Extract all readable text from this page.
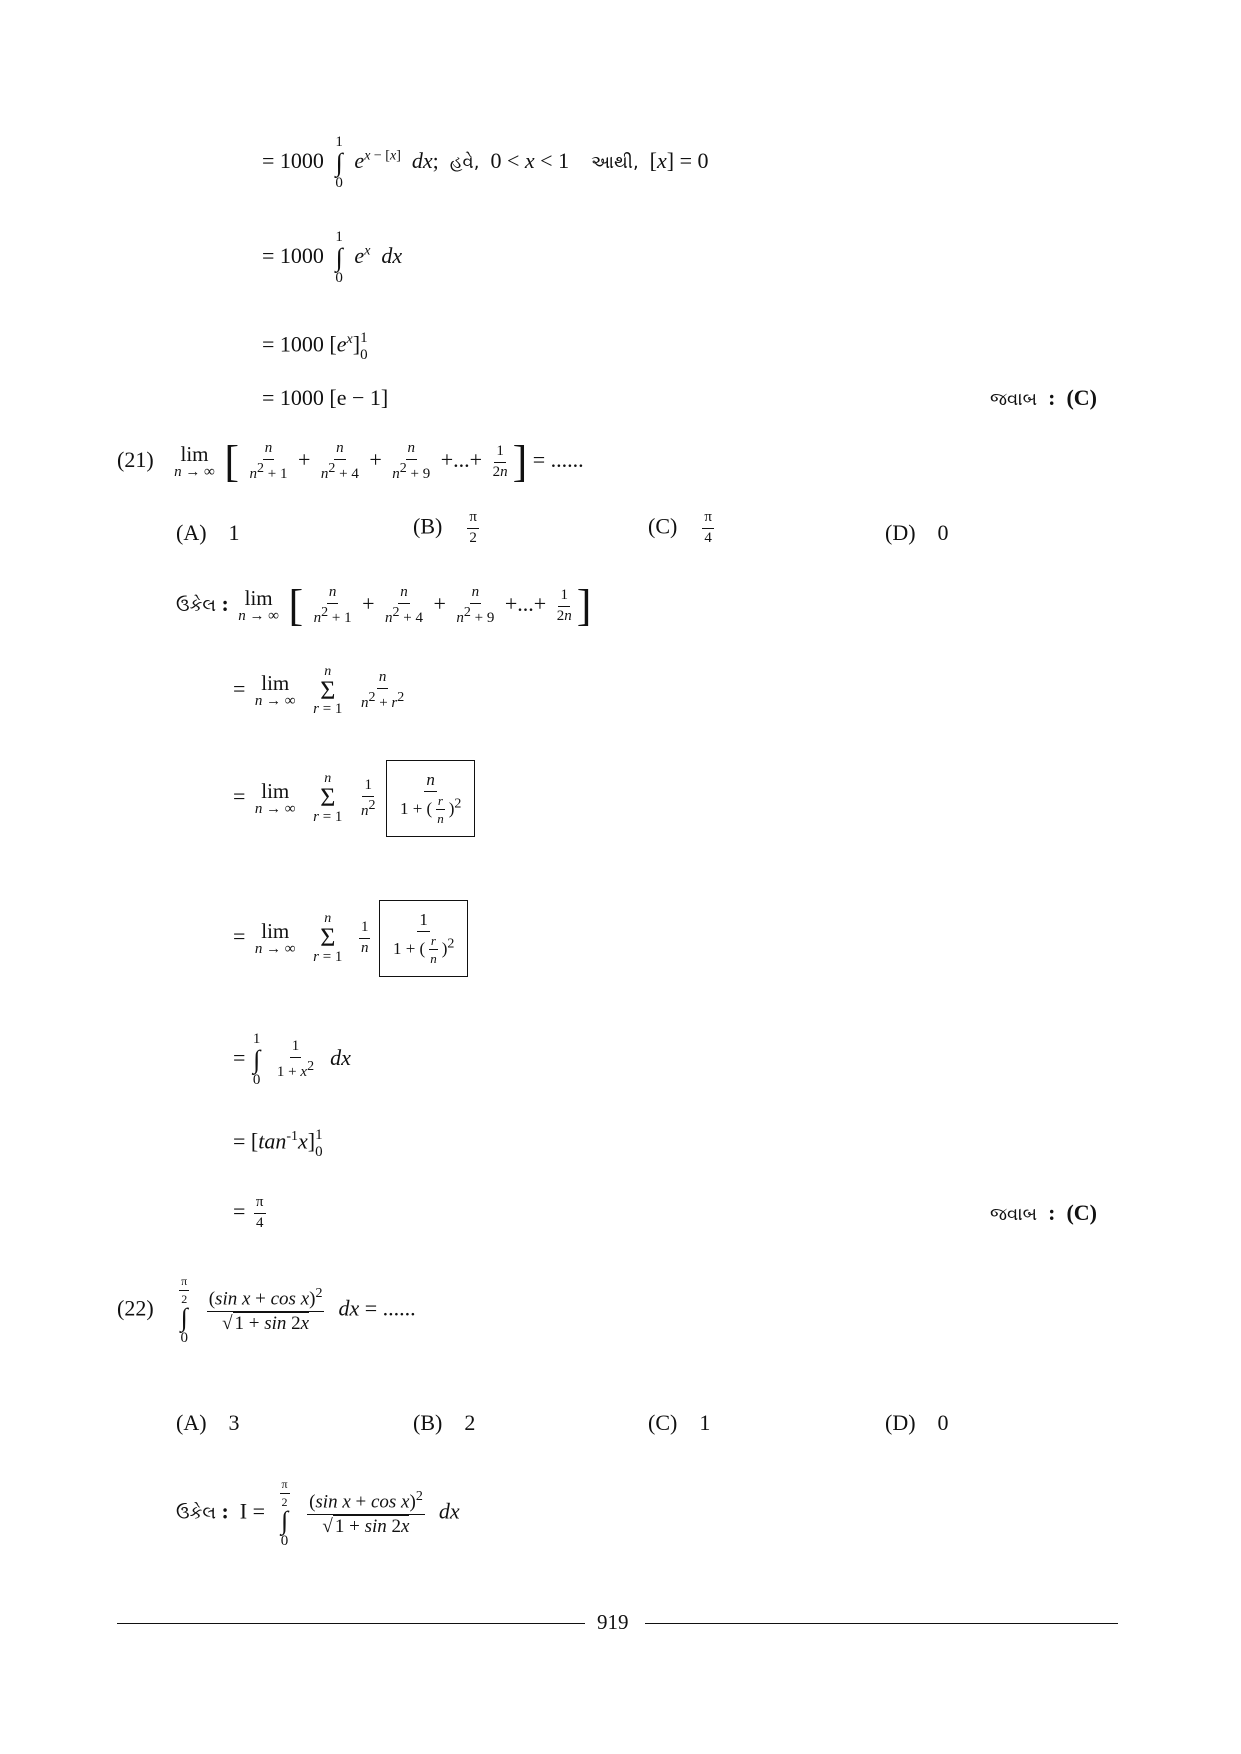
= 1000
1
∫
0
$e^{x - [x]}$ dx;  હવે,  0 < x < 1    આથી,  [x] = 0
= 1000
1
∫
0
$e^x$ dx
= 1000 $[e^x]$ 1
0
= 1000 [e − 1]	જવાબ : (C)
(21) lim
n → ∞ [ $\frac{n}{n^2 + 1} + \frac{n}{n^2 + 4} + \frac{n}{n^2 + 9}$ +...+ $\frac{1}{2n}$ ] = ......
(A) 1	$(B) \frac{\pi}{2}$	$(C) \frac{\pi}{4}$	(D) 0
ઉકેલ : lim
n → ∞ [ $\frac{n}{n^2 + 1} + \frac{n}{n^2 + 4} + \frac{n}{n^2 + 9}$ +...+ $\frac{1}{2n}$ ]
= lim
n → ∞

n
Σ
r = 1
$\frac{n}{n^2 + r^2}$
= lim
n → ∞

n
Σ
r = 1
$\frac{1}{n^2}$
$\frac{n}{1 + ( \frac{r}{n} )^2}$
= lim
n → ∞

n
Σ
r = 1
$\frac{1}{n}$
$\frac{1}{1 + ( \frac{r}{n} )^2}$
=
1
∫
0
$\frac{1}{1 + x^2}$ dx
= $[\tan^{-1}x]$ 1
0
= $\frac{\pi}{4}$	જવાબ : (C)
(22)
$\frac{\pi}{2}$
∫
0

$\frac{(\sin x + \cos x)^2}{√ 1 + \sin 2x}$ dx = ......
(A) 3	(B) 2	(C) 1	(D) 0
ઉકેલ :  I =
$\frac{\pi}{2}$
∫
0

$\frac{(\sin x + \cos x)^2}{√ 1 + \sin 2x}$ dx
919
